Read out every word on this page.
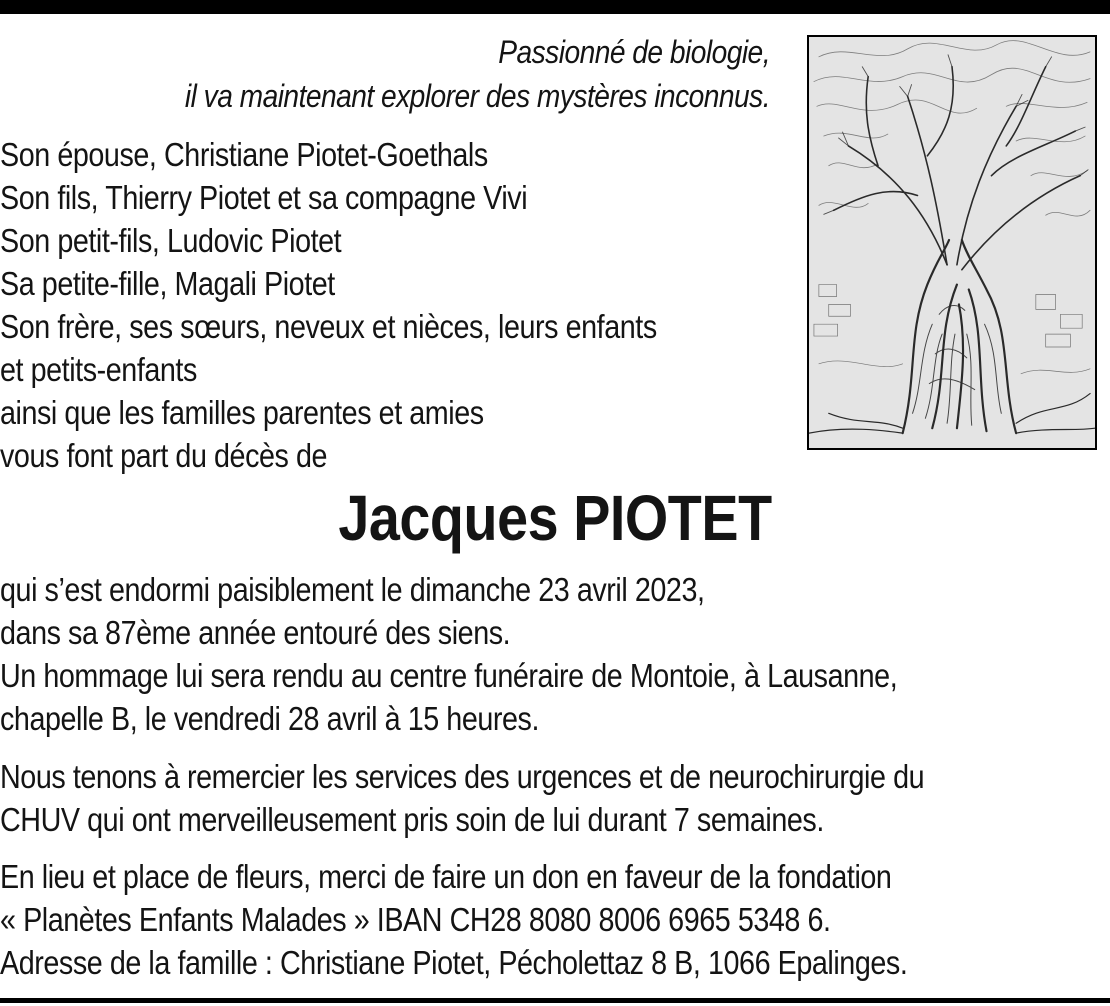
Passionné de biologie,
il va maintenant explorer des mystères inconnus.
Son épouse, Christiane Piotet-Goethals
Son fils, Thierry Piotet et sa compagne Vivi
Son petit-fils, Ludovic Piotet
Sa petite-fille, Magali Piotet
Son frère, ses sœurs, neveux et nièces, leurs enfants
et petits-enfants
ainsi que les familles parentes et amies
vous font part du décès de
Jacques PIOTET
qui s’est endormi paisiblement le dimanche 23 avril 2023,
dans sa 87ème année entouré des siens.
Un hommage lui sera rendu au centre funéraire de Montoie, à Lausanne,
chapelle B, le vendredi 28 avril à 15 heures.
Nous tenons à remercier les services des urgences et de neurochirurgie du
CHUV qui ont merveilleusement pris soin de lui durant 7 semaines.
En lieu et place de fleurs, merci de faire un don en faveur de la fondation
« Planètes Enfants Malades » IBAN CH28 8080 8006 6965 5348 6.
Adresse de la famille : Christiane Piotet, Pécholettaz 8 B, 1066 Epalinges.
